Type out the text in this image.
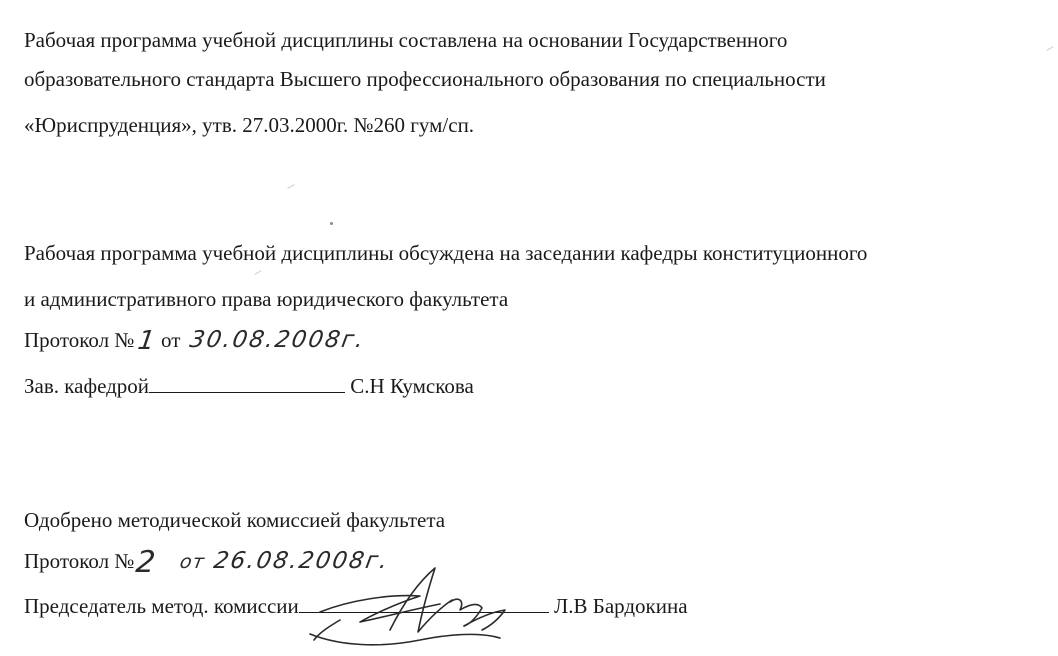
Рабочая программа учебной дисциплины составлена на основании Государственного
образовательного стандарта Высшего профессионального образования по специальности
«Юриспруденция», утв. 27.03.2000г. №260 гум/сп.
Рабочая программа учебной дисциплины обсуждена на заседании кафедры конституционного
и административного права юридического факультета
Протокол №1 от 30.08.2008г.
Зав. кафедрой	С.Н Кумскова
Одобрено методической комиссией факультета
Протокол №2 от 26.08.2008г.
Председатель метод. комиссии	Л.В Бардокина
